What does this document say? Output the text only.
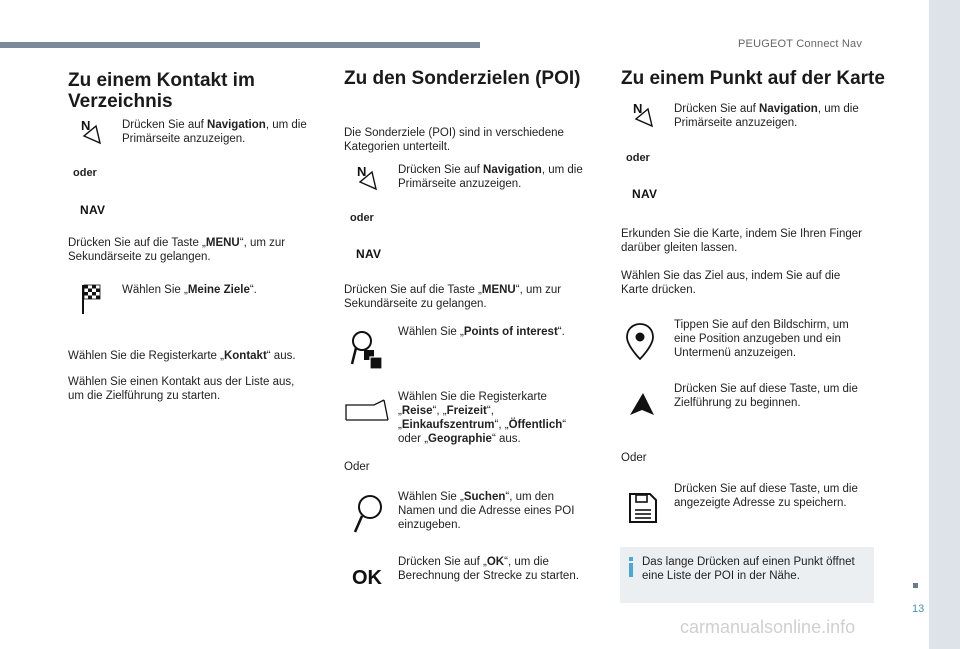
PEUGEOT Connect Nav
13
carmanualsonline.info
Zu einem Kontakt im
Verzeichnis
N	Drücken Sie auf Navigation, um die
Primärseite anzuzeigen.
oder
NAV
Drücken Sie auf die Taste „MENU“, um zur
Sekundärseite zu gelangen.
Wählen Sie „Meine Ziele“.
Wählen Sie die Registerkarte „Kontakt“ aus.
Wählen Sie einen Kontakt aus der Liste aus,
um die Zielführung zu starten.
Zu den Sonderzielen (POI)
Die Sonderziele (POI) sind in verschiedene
Kategorien unterteilt.
N	Drücken Sie auf Navigation, um die
Primärseite anzuzeigen.
oder
NAV
Drücken Sie auf die Taste „MENU“, um zur
Sekundärseite zu gelangen.
Wählen Sie „Points of interest“.
Wählen Sie die Registerkarte
„Reise“, „Freizeit“,
„Einkaufszentrum“, „Öffentlich“
oder „Geographie“ aus.
Oder
Wählen Sie „Suchen“, um den
Namen und die Adresse eines POI
einzugeben.
OK
Drücken Sie auf „OK“, um die
Berechnung der Strecke zu starten.
Zu einem Punkt auf der Karte
N	Drücken Sie auf Navigation, um die
Primärseite anzuzeigen.
oder
NAV
Erkunden Sie die Karte, indem Sie Ihren Finger
darüber gleiten lassen.
Wählen Sie das Ziel aus, indem Sie auf die
Karte drücken.
Tippen Sie auf den Bildschirm, um
eine Position anzugeben und ein
Untermenü anzuzeigen.
Drücken Sie auf diese Taste, um die
Zielführung zu beginnen.
Oder
Drücken Sie auf diese Taste, um die
angezeigte Adresse zu speichern.
Das lange Drücken auf einen Punkt öffnet
eine Liste der POI in der Nähe.
